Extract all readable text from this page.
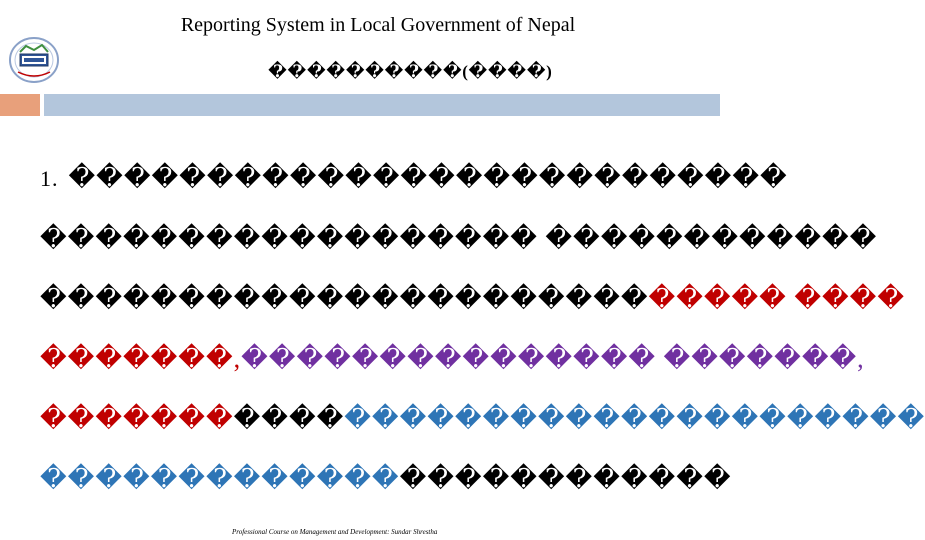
Reporting System in Local Government of Nepal
����������(����)
1. ��������������������������
������������������ ������������
��������������������������� ����
�������,��������������� �������,
��������������������������������
�������������������������
Professional Course on Management and Development: Sundar Shrestha
